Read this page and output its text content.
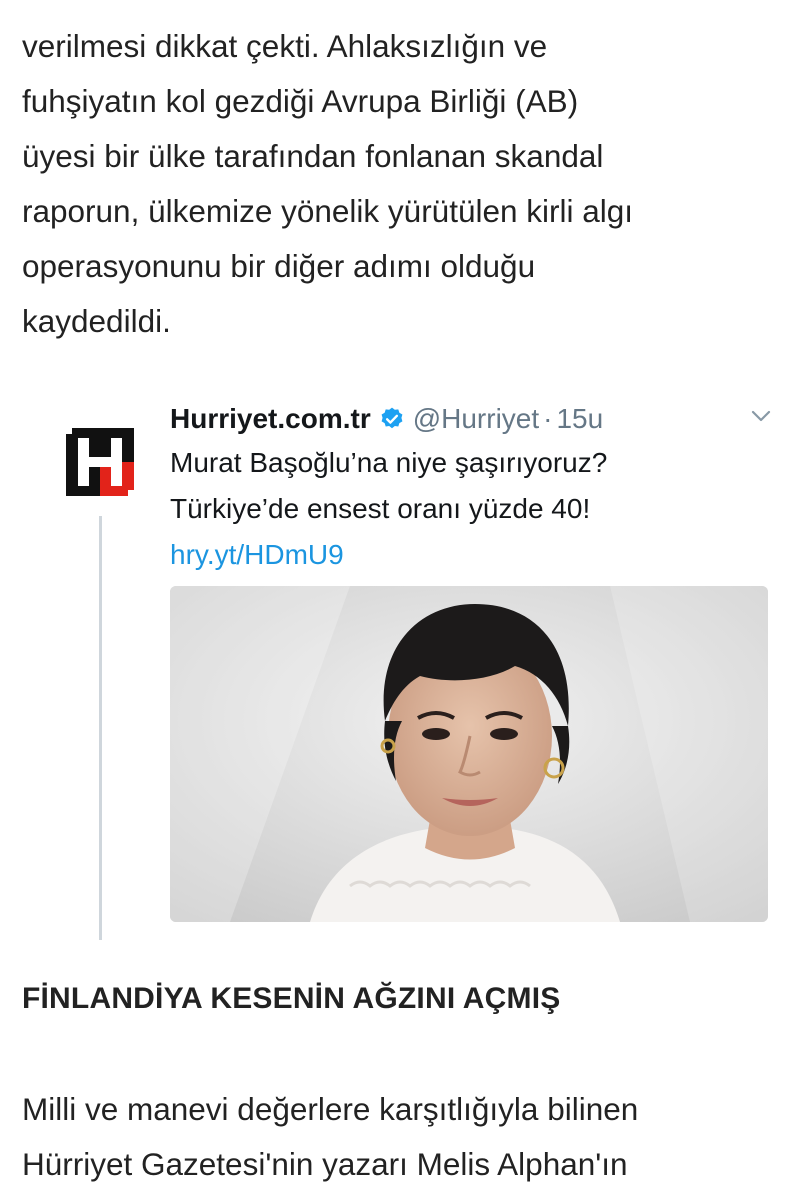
verilmesi dikkat çekti. Ahlaksızlığın ve
fuhşiyatın kol gezdiği Avrupa Birliği (AB)
üyesi bir ülke tarafından fonlanan skandal
raporun, ülkemize yönelik yürütülen kirli algı
operasyonunu bir diğer adımı olduğu
kaydedildi.

Hurriyet.com.tr @Hurriyet · 15u
Murat Başoğlu’na niye şaşırıyoruz?
Türkiye’de ensest oranı yüzde 40!
hry.yt/HDmU9
FİNLANDİYA KESENİN AĞZINI AÇMIŞ

Milli ve manevi değerlere karşıtlığıyla bilinen
Hürriyet Gazetesi'nin yazarı Melis Alphan'ın
